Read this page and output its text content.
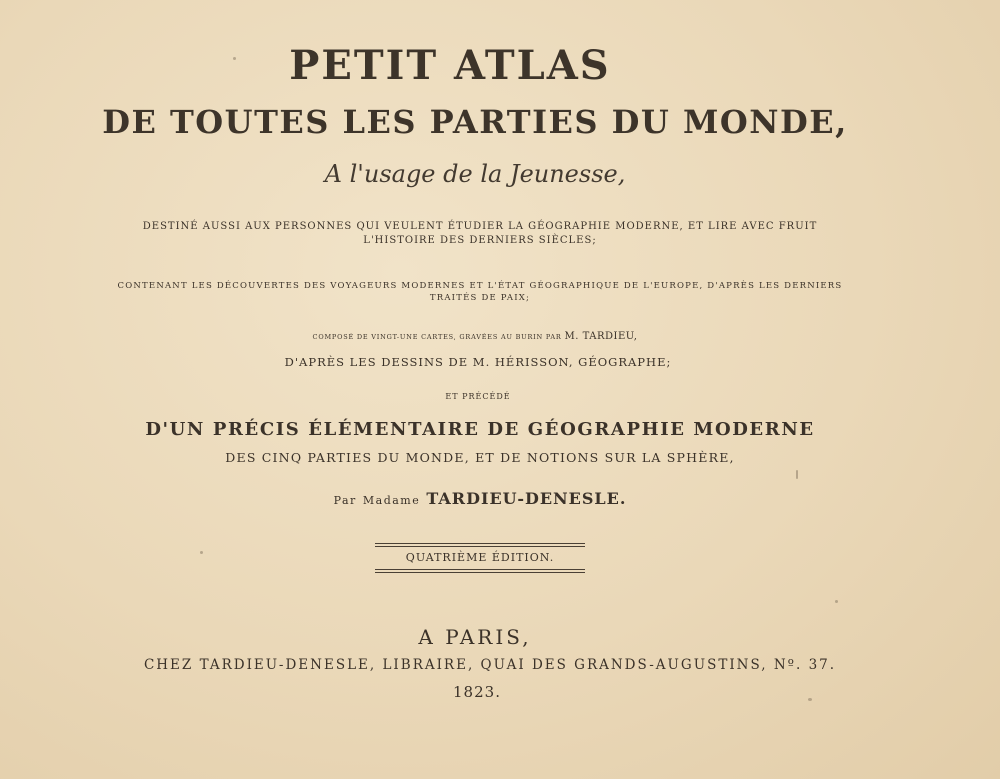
PETIT ATLAS
DE TOUTES LES PARTIES DU MONDE,
A l'usage de la Jeunesse,
DESTINÉ AUSSI AUX PERSONNES QUI VEULENT ÉTUDIER LA GÉOGRAPHIE MODERNE, ET LIRE AVEC FRUIT
L'HISTOIRE DES DERNIERS SIÈCLES;
CONTENANT LES DÉCOUVERTES DES VOYAGEURS MODERNES ET L'ÉTAT GÉOGRAPHIQUE DE L'EUROPE, D'APRÈS LES DERNIERS
TRAITÉS DE PAIX;
COMPOSÉ DE VINGT-UNE CARTES, GRAVÉES AU BURIN PAR M. TARDIEU,
D'APRÈS LES DESSINS DE M. HÉRISSON, GÉOGRAPHE;
ET PRÉCÉDÉ
D'UN PRÉCIS ÉLÉMENTAIRE DE GÉOGRAPHIE MODERNE
DES CINQ PARTIES DU MONDE, ET DE NOTIONS SUR LA SPHÈRE,
Par Madame TARDIEU-DENESLE.
QUATRIÈME ÉDITION.
A PARIS,
CHEZ TARDIEU-DENESLE, LIBRAIRE, QUAI DES GRANDS-AUGUSTINS, Nº. 37.
1823.
